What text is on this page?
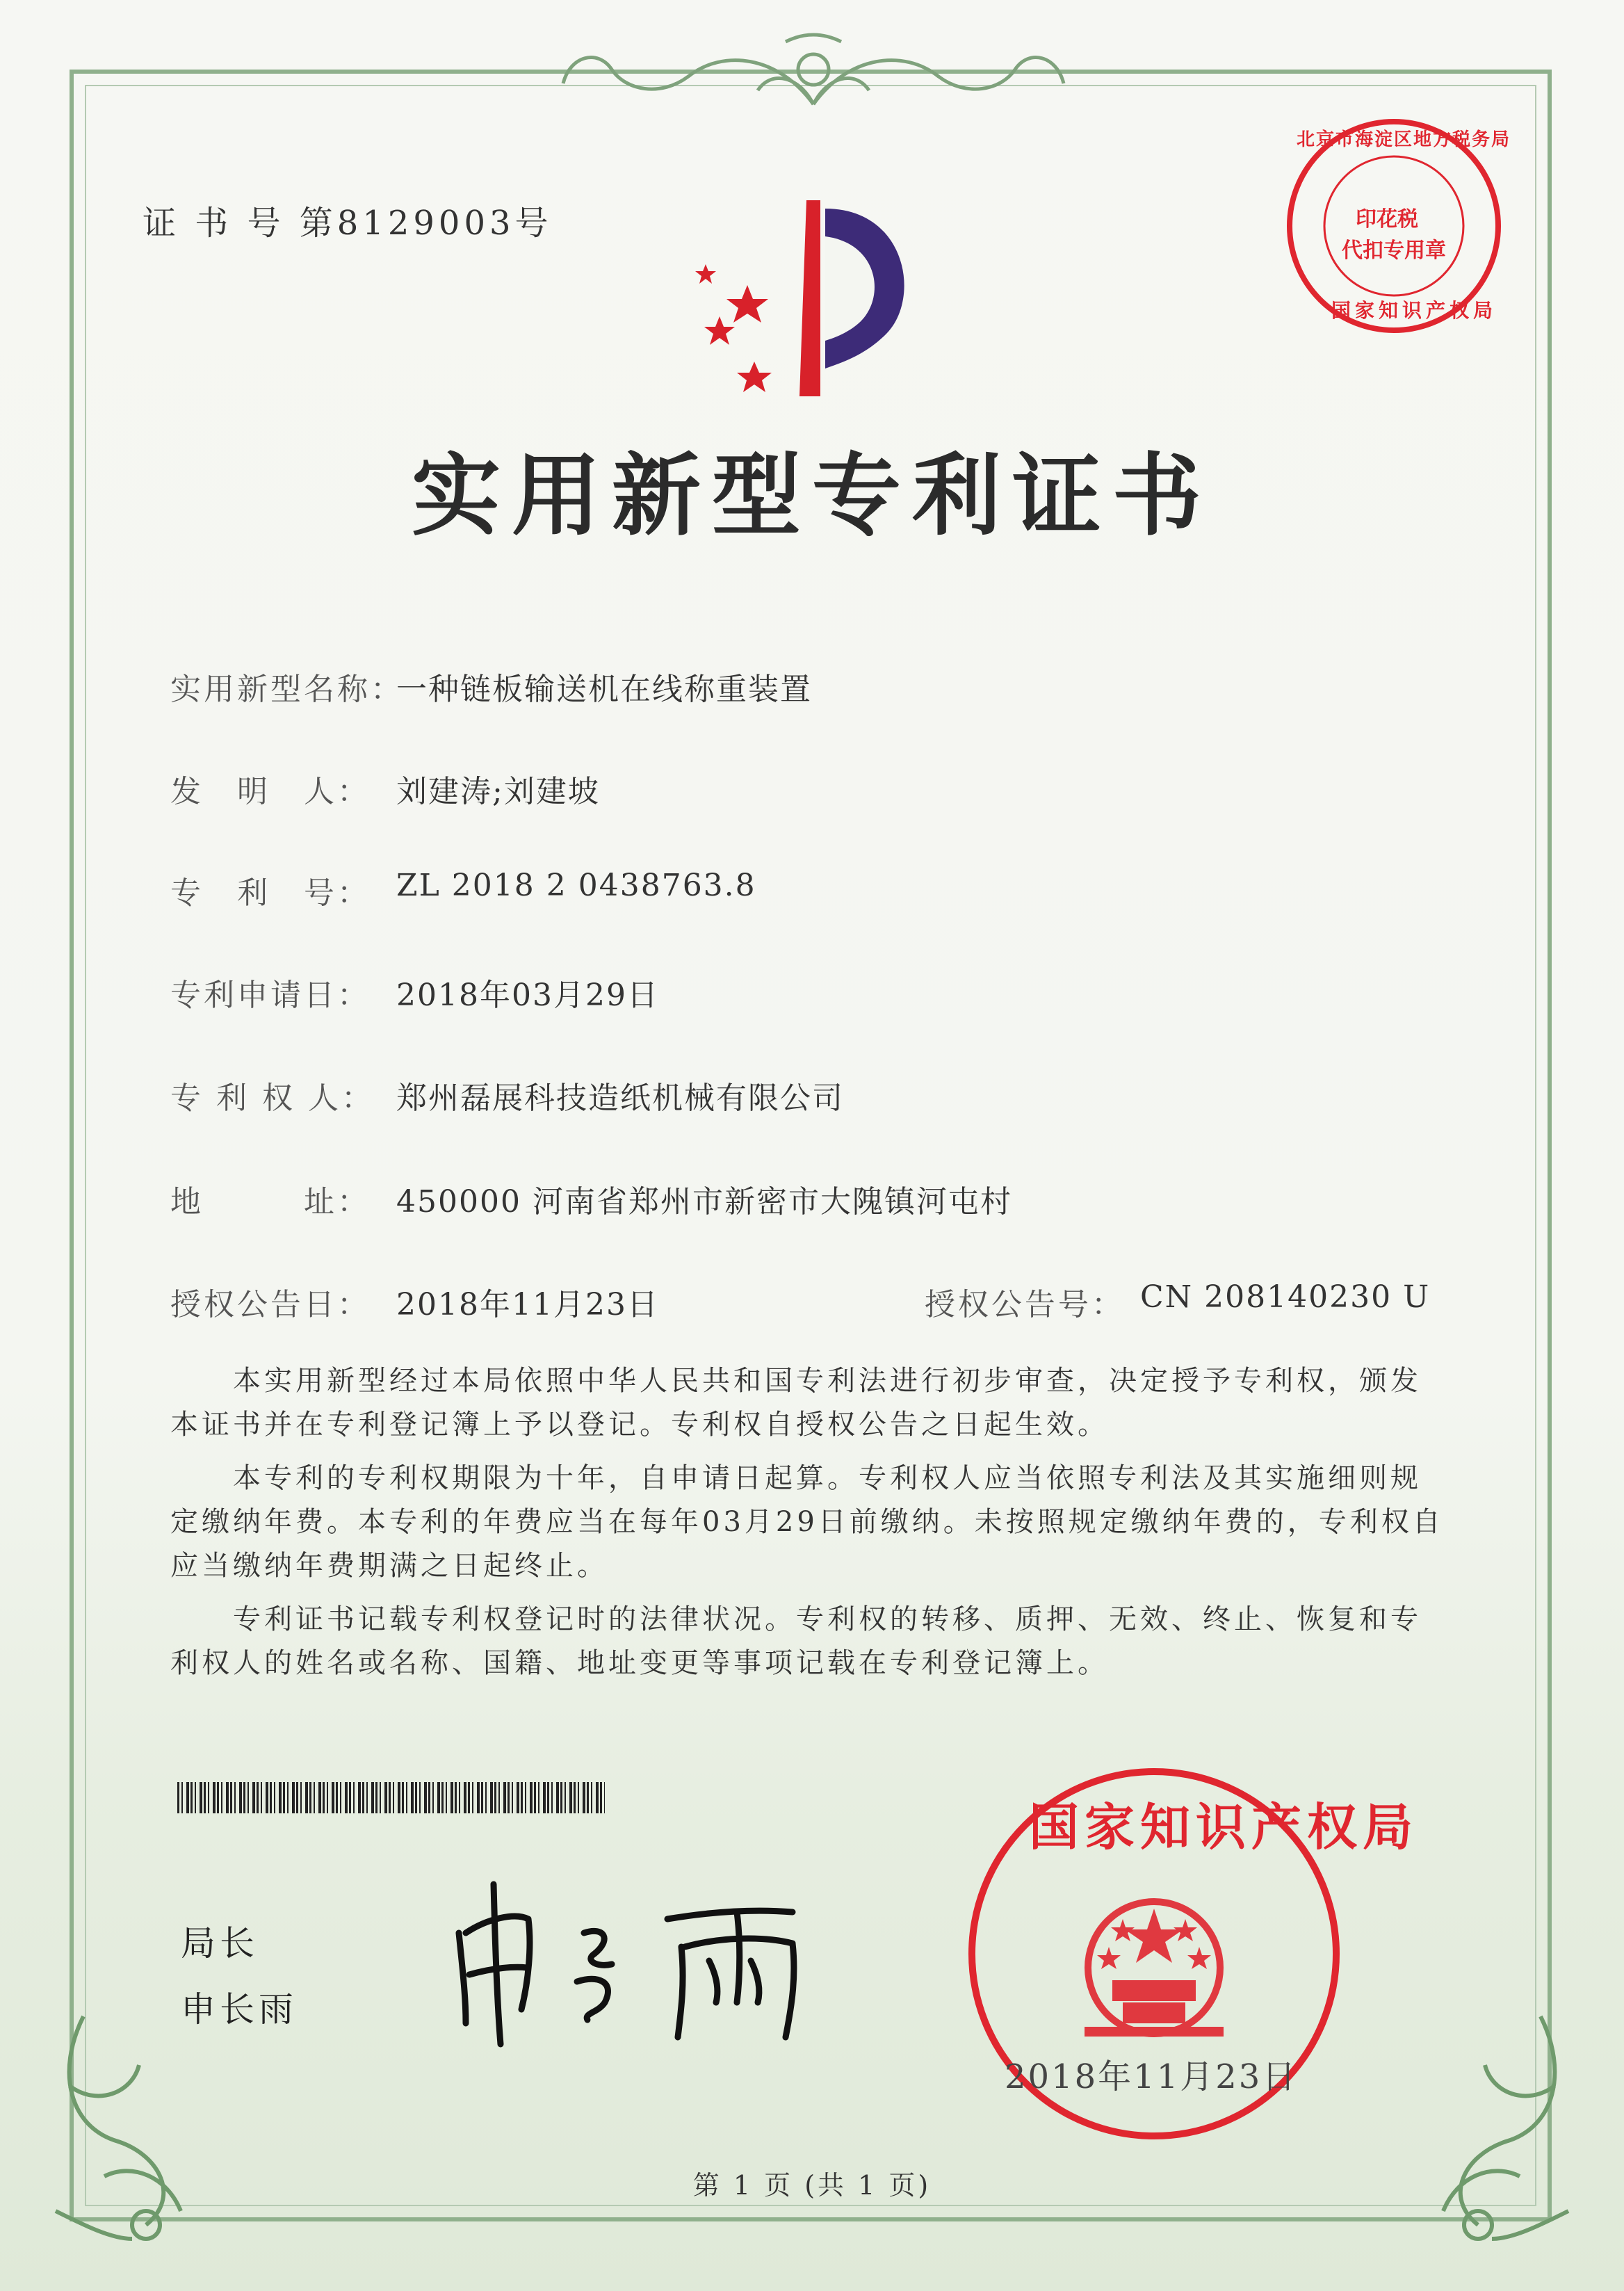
证 书 号 第8129003号
北京市海淀区地方税务局
印花税
代扣专用章
国家知识产权局
实用新型专利证书
实用新型名称：
一种链板输送机在线称重装置
发　明　人： 刘建涛;刘建坡
专　利　号： ZL 2018 2 0438763.8
专利申请日： 2018年03月29日
专 利 权 人： 郑州磊展科技造纸机械有限公司
地　　　址： 450000 河南省郑州市新密市大隗镇河屯村
授权公告日： 2018年11月23日	授权公告号： CN 208140230 U
本实用新型经过本局依照中华人民共和国专利法进行初步审查，决定授予专利权，颁发本证书并在专利登记簿上予以登记。专利权自授权公告之日起生效。
本专利的专利权期限为十年，自申请日起算。专利权人应当依照专利法及其实施细则规定缴纳年费。本专利的年费应当在每年03月29日前缴纳。未按照规定缴纳年费的，专利权自应当缴纳年费期满之日起终止。
专利证书记载专利权登记时的法律状况。专利权的转移、质押、无效、终止、恢复和专利权人的姓名或名称、国籍、地址变更等事项记载在专利登记簿上。
局长
申长雨
国家知识产权局
2018年11月23日
第 1 页 (共 1 页)
